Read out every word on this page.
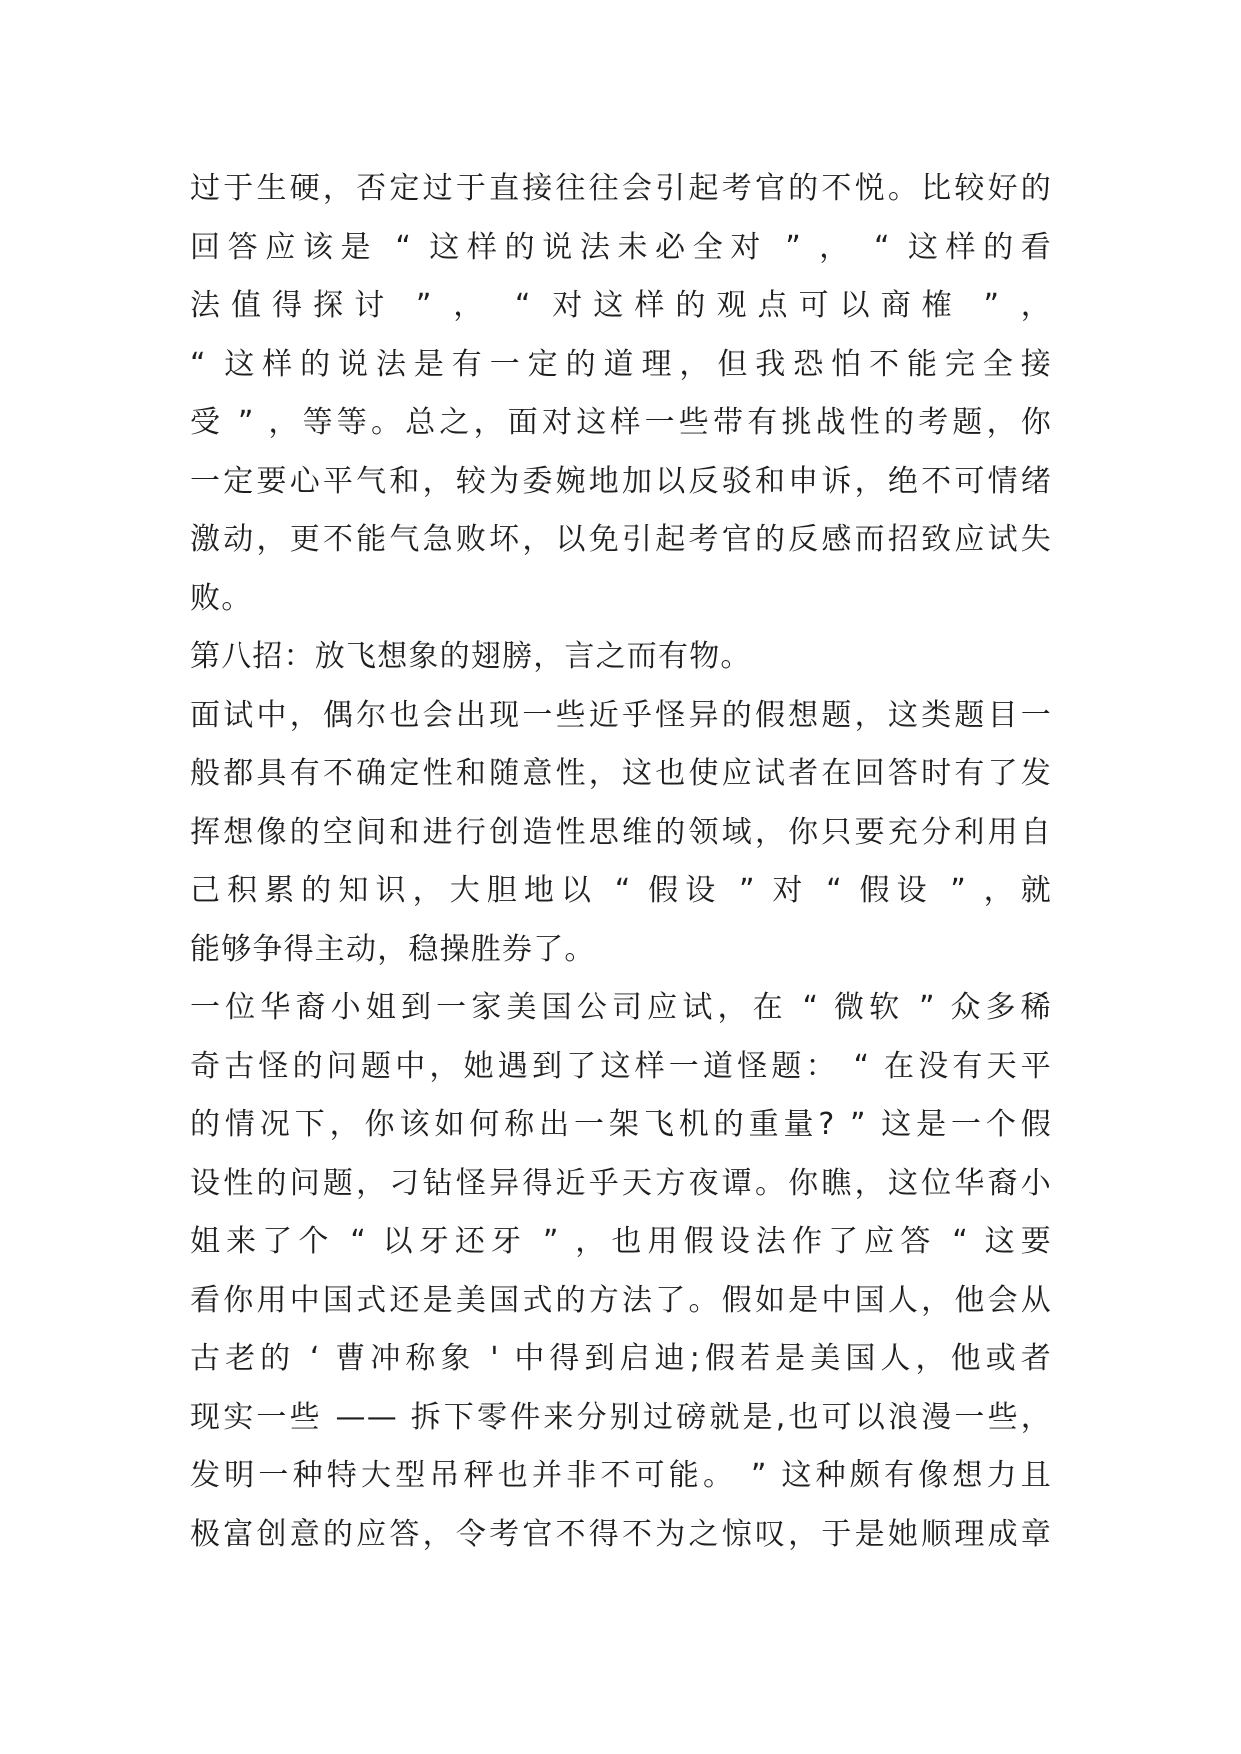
过于生硬，否定过于直接往往会引起考官的不悦。比较好的
回答应该是 “ 这样的说法未必全对 ” ， “ 这样的看
法值得探讨 ” ， “ 对这样的观点可以商榷 ” ，
“ 这样的说法是有一定的道理，但我恐怕不能完全接
受 ” ，等等。总之，面对这样一些带有挑战性的考题，你
一定要心平气和，较为委婉地加以反驳和申诉，绝不可情绪
激动，更不能气急败坏，以免引起考官的反感而招致应试失
败。
第八招：放飞想象的翅膀，言之而有物。
面试中，偶尔也会出现一些近乎怪异的假想题，这类题目一
般都具有不确定性和随意性，这也使应试者在回答时有了发
挥想像的空间和进行创造性思维的领域，你只要充分利用自
己积累的知识，大胆地以 “ 假设 ” 对 “ 假设 ” ，就
能够争得主动，稳操胜券了。
一位华裔小姐到一家美国公司应试，在 “ 微软 ” 众多稀
奇古怪的问题中，她遇到了这样一道怪题： “ 在没有天平
的情况下，你该如何称出一架飞机的重量? ” 这是一个假
设性的问题，刁钻怪异得近乎天方夜谭。你瞧，这位华裔小
姐来了个 “ 以牙还牙 ” ，也用假设法作了应答 “ 这要
看你用中国式还是美国式的方法了。假如是中国人，他会从
古老的 ‘ 曹冲称象 ' 中得到启迪;假若是美国人，他或者
现实一些 —— 拆下零件来分别过磅就是,也可以浪漫一些，
发明一种特大型吊秤也并非不可能。 ” 这种颇有像想力且
极富创意的应答，令考官不得不为之惊叹，于是她顺理成章
